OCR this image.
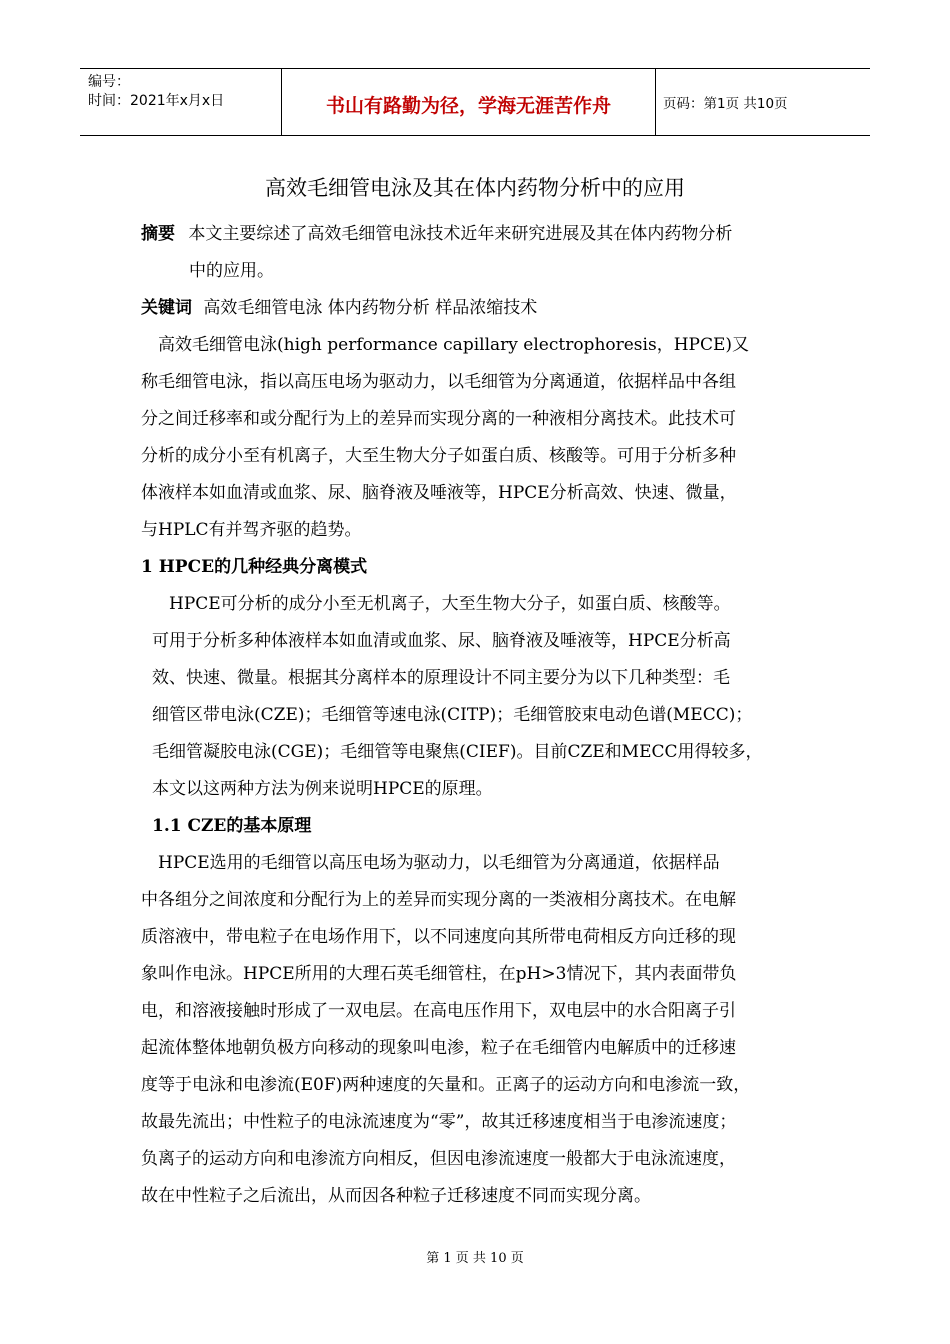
编号：
时间：2021年x月x日	书山有路勤为径，学海无涯苦作舟	页码：第1页 共10页
高效毛细管电泳及其在体内药物分析中的应用
摘要 本文主要综述了高效毛细管电泳技术近年来研究进展及其在体内药物分析
中的应用。
关键词 高效毛细管电泳 体内药物分析 样品浓缩技术
　高效毛细管电泳(high performance capillary electrophoresis，HPCE)又
称毛细管电泳，指以高压电场为驱动力，以毛细管为分离通道，依据样品中各组
分之间迁移率和或分配行为上的差异而实现分离的一种液相分离技术。此技术可
分析的成分小至有机离子，大至生物大分子如蛋白质、核酸等。可用于分析多种
体液样本如血清或血浆、尿、脑脊液及唾液等，HPCE分析高效、快速、微量，
与HPLC有并驾齐驱的趋势。
1 HPCE的几种经典分离模式
　HPCE可分析的成分小至无机离子，大至生物大分子，如蛋白质、核酸等。
可用于分析多种体液样本如血清或血浆、尿、脑脊液及唾液等，HPCE分析高
效、快速、微量。根据其分离样本的原理设计不同主要分为以下几种类型：毛
细管区带电泳(CZE)；毛细管等速电泳(CITP)；毛细管胶束电动色谱(MECC)；
毛细管凝胶电泳(CGE)；毛细管等电聚焦(CIEF)。目前CZE和MECC用得较多，
本文以这两种方法为例来说明HPCE的原理。
1.1 CZE的基本原理
　HPCE选用的毛细管以高压电场为驱动力，以毛细管为分离通道，依据样品
中各组分之间浓度和分配行为上的差异而实现分离的一类液相分离技术。在电解
质溶液中，带电粒子在电场作用下，以不同速度向其所带电荷相反方向迁移的现
象叫作电泳。HPCE所用的大理石英毛细管柱，在pH>3情况下，其内表面带负
电，和溶液接触时形成了一双电层。在高电压作用下，双电层中的水合阳离子引
起流体整体地朝负极方向移动的现象叫电渗，粒子在毛细管内电解质中的迁移速
度等于电泳和电渗流(E0F)两种速度的矢量和。正离子的运动方向和电渗流一致，
故最先流出；中性粒子的电泳流速度为“零”，故其迁移速度相当于电渗流速度；
负离子的运动方向和电渗流方向相反，但因电渗流速度一般都大于电泳流速度，
故在中性粒子之后流出，从而因各种粒子迁移速度不同而实现分离。
第 1 页 共 10 页
